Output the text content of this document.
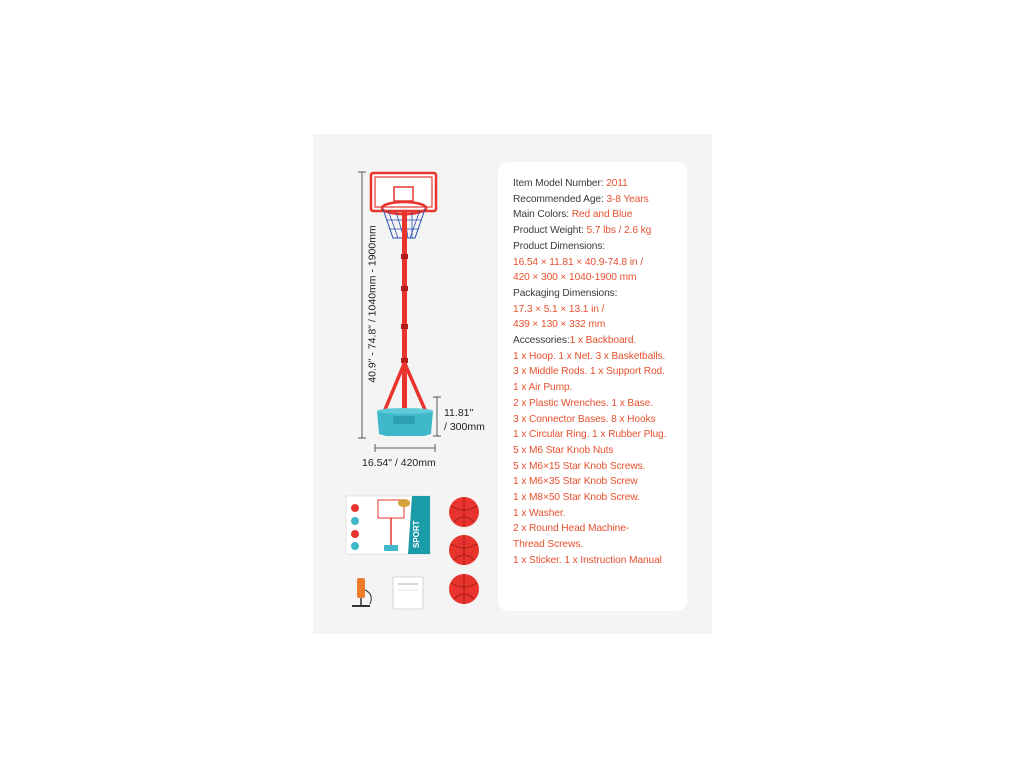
SPORT
40.9" - 74.8" / 1040mm - 1900mm
11.81"
/ 300mm
16.54" / 420mm
Item Model Number: 2011
Recommended Age: 3-8 Years
Main Colors: Red and Blue
Product Weight: 5.7 lbs / 2.6 kg
Product Dimensions:
16.54 × 11.81 × 40.9-74.8 in /
420 × 300 × 1040-1900 mm
Packaging Dimensions:
17.3 × 5.1 × 13.1 in /
439 × 130 × 332 mm
Accessories:1 x Backboard.
1 x Hoop. 1 x Net. 3 x Basketballs.
3 x Middle Rods. 1 x Support Rod.
1 x Air Pump.
2 x Plastic Wrenches. 1 x Base.
3 x Connector Bases. 8 x Hooks
1 x Circular Ring. 1 x Rubber Plug.
5 x M6 Star Knob Nuts
5 x M6×15 Star Knob Screws.
1 x M6×35 Star Knob Screw
1 x M8×50 Star Knob Screw.
1 x Washer.
2 x Round Head Machine-
Thread Screws.
1 x Sticker. 1 x Instruction Manual
